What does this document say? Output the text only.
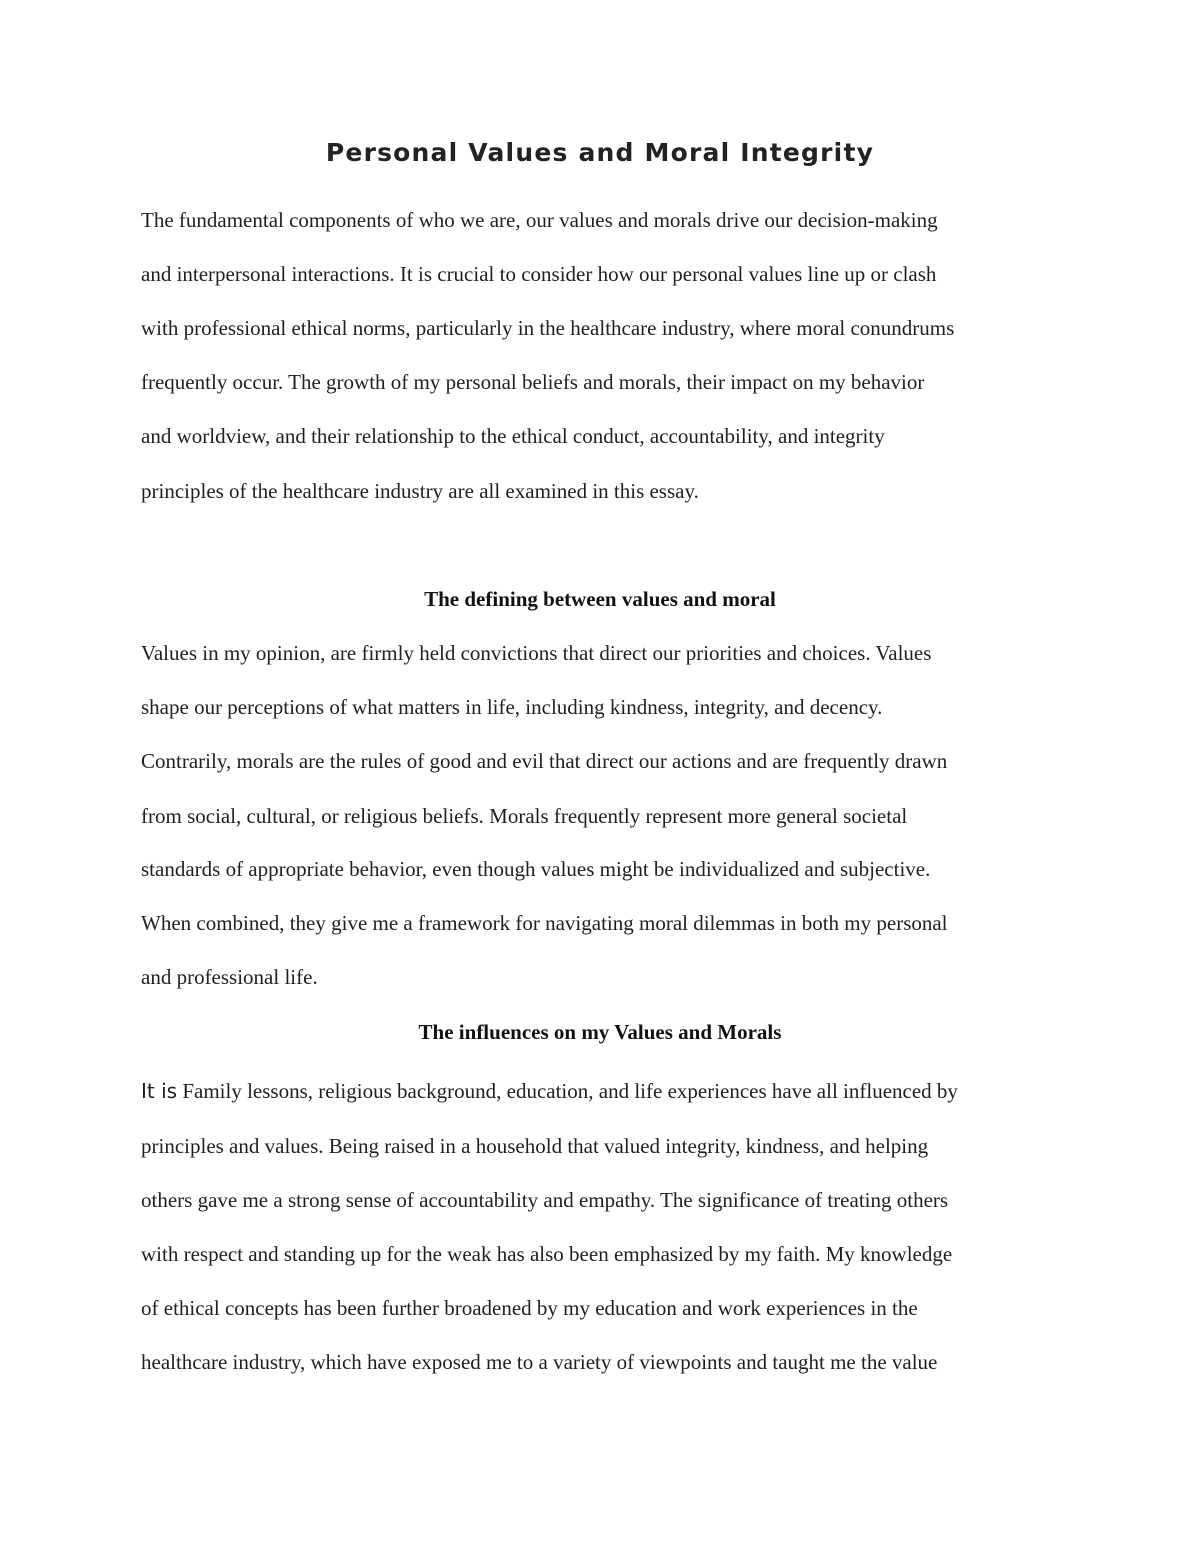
Personal Values and Moral Integrity
The fundamental components of who we are, our values and morals drive our decision-making
and interpersonal interactions. It is crucial to consider how our personal values line up or clash
with professional ethical norms, particularly in the healthcare industry, where moral conundrums
frequently occur. The growth of my personal beliefs and morals, their impact on my behavior
and worldview, and their relationship to the ethical conduct, accountability, and integrity
principles of the healthcare industry are all examined in this essay.
The defining between values and moral
Values in my opinion, are firmly held convictions that direct our priorities and choices. Values
shape our perceptions of what matters in life, including kindness, integrity, and decency.
Contrarily, morals are the rules of good and evil that direct our actions and are frequently drawn
from social, cultural, or religious beliefs. Morals frequently represent more general societal
standards of appropriate behavior, even though values might be individualized and subjective.
When combined, they give me a framework for navigating moral dilemmas in both my personal
and professional life.
The influences on my Values and Morals
It is Family lessons, religious background, education, and life experiences have all influenced by
principles and values. Being raised in a household that valued integrity, kindness, and helping
others gave me a strong sense of accountability and empathy. The significance of treating others
with respect and standing up for the weak has also been emphasized by my faith. My knowledge
of ethical concepts has been further broadened by my education and work experiences in the
healthcare industry, which have exposed me to a variety of viewpoints and taught me the value
